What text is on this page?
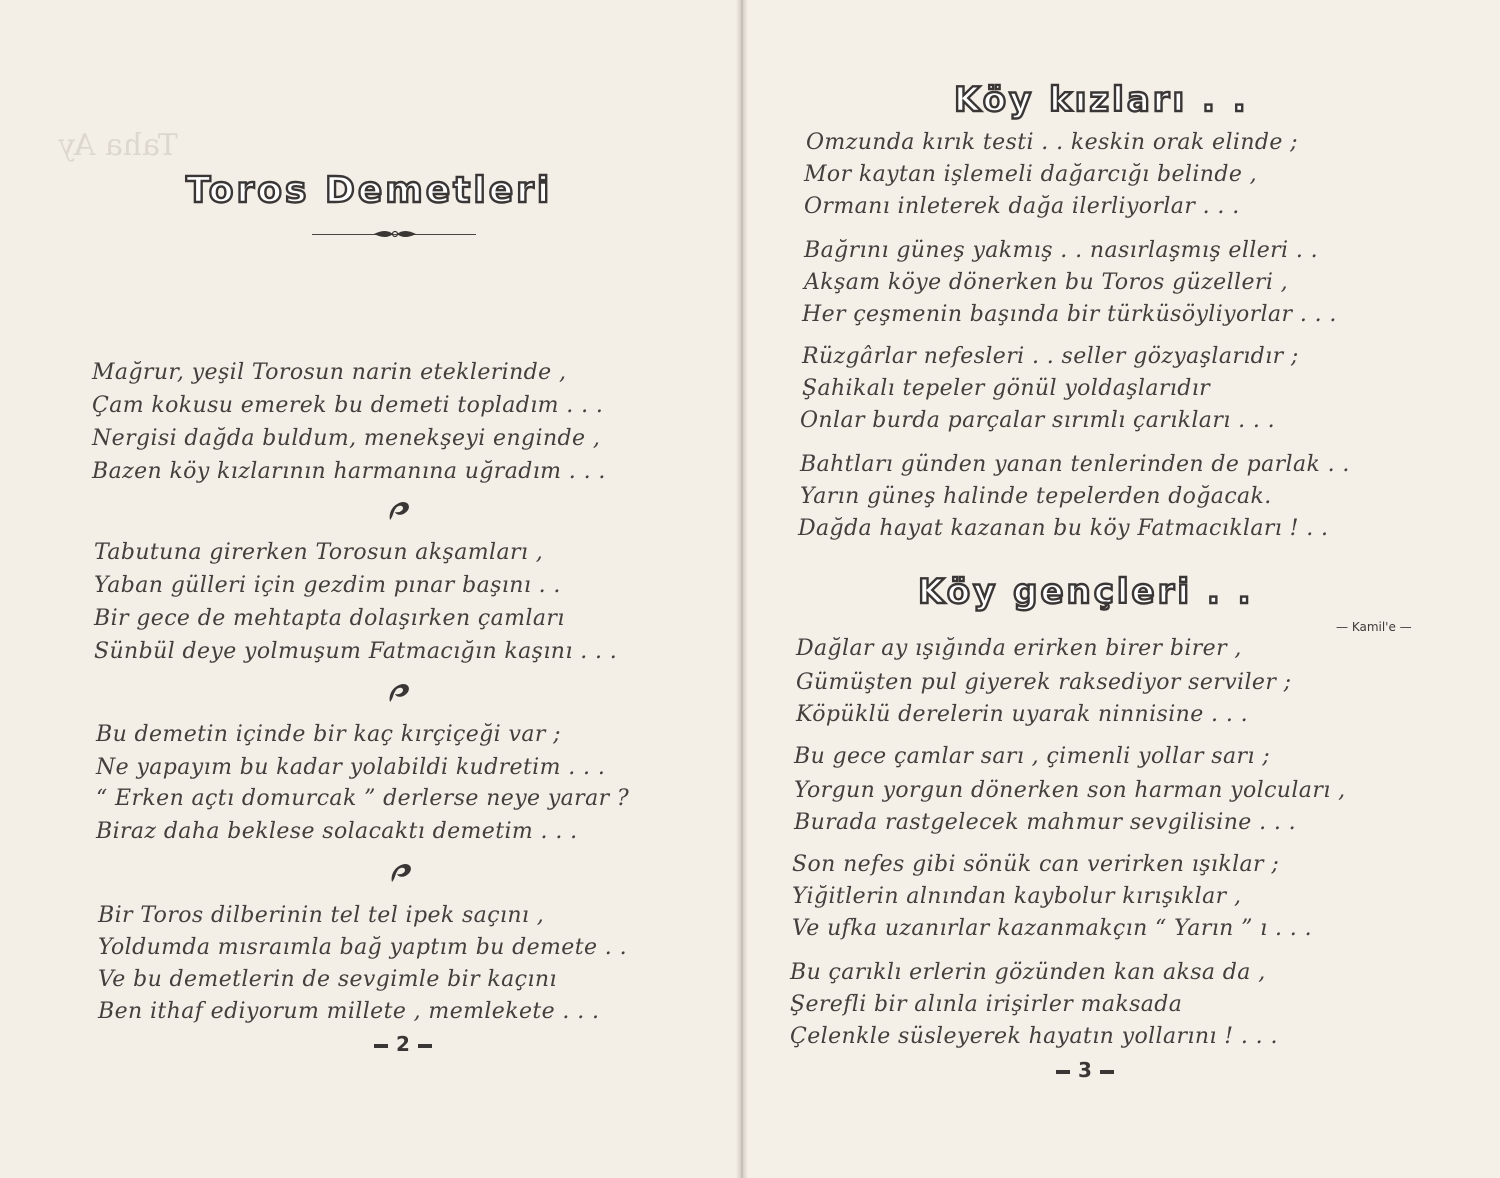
Taha Ay
Toros Demetleri
Mağrur, yeşil Torosun narin eteklerinde ,
Çam kokusu emerek bu demeti topladım . . .
Nergisi dağda buldum, menekşeyi enginde ,
Bazen köy kızlarının harmanına uğradım . . .
Tabutuna girerken Torosun akşamları ,
Yaban gülleri için gezdim pınar başını . .
Bir gece de mehtapta dolaşırken çamları
Sünbül deye yolmuşum Fatmacığın kaşını . . .
Bu demetin içinde bir kaç kırçiçeği var ;
Ne yapayım bu kadar yolabildi kudretim . . .
“ Erken açtı domurcak ” derlerse neye yarar ?
Biraz daha beklese solacaktı demetim . . .
Bir Toros dilberinin tel tel ipek saçını ,
Yoldumda mısraımla bağ yaptım bu demete . .
Ve bu demetlerin de sevgimle bir kaçını
Ben ithaf ediyorum millete , memlekete . . .
2
Köy kızları . .
Omzunda kırık testi . . keskin orak elinde ;
Mor kaytan işlemeli dağarcığı belinde ,
Ormanı inleterek dağa ilerliyorlar . . .
Bağrını güneş yakmış . . nasırlaşmış elleri . .
Akşam köye dönerken bu Toros güzelleri ,
Her çeşmenin başında bir türküsöyliyorlar . . .
Rüzgârlar nefesleri . . seller gözyaşlarıdır ;
Şahikalı tepeler gönül yoldaşlarıdır
Onlar burda parçalar sırımlı çarıkları . . .
Bahtları günden yanan tenlerinden de parlak . .
Yarın güneş halinde tepelerden doğacak.
Dağda hayat kazanan bu köy Fatmacıkları ! . .
Köy gençleri . .
Dağlar ay ışığında erirken birer birer ,
Gümüşten pul giyerek raksediyor serviler ;
Köpüklü derelerin uyarak ninnisine . . .
Bu gece çamlar sarı , çimenli yollar sarı ;
Yorgun yorgun dönerken son harman yolcuları ,
Burada rastgelecek mahmur sevgilisine . . .
Son nefes gibi sönük can verirken ışıklar ;
Yiğitlerin alnından kaybolur kırışıklar ,
Ve ufka uzanırlar kazanmakçın “ Yarın ” ı . . .
Bu çarıklı erlerin gözünden kan aksa da ,
Şerefli bir alınla irişirler maksada
Çelenkle süsleyerek hayatın yollarını ! . . .
3
— Kamil'e —
